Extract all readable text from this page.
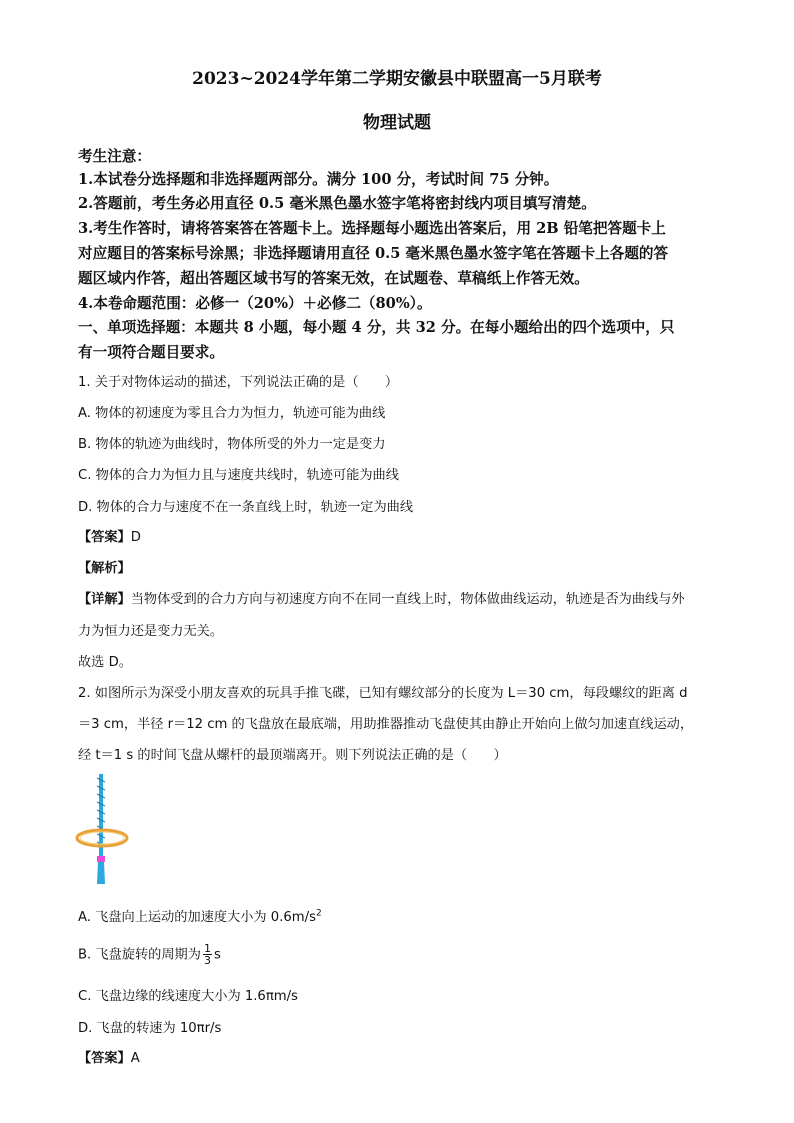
2023~2024学年第二学期安徽县中联盟高一5月联考
物理试题
考生注意：
1.本试卷分选择题和非选择题两部分。满分 100 分，考试时间 75 分钟。
2.答题前，考生务必用直径 0.5 毫米黑色墨水签字笔将密封线内项目填写清楚。
3.考生作答时，请将答案答在答题卡上。选择题每小题选出答案后，用 2B 铅笔把答题卡上
对应题目的答案标号涂黑；非选择题请用直径 0.5 毫米黑色墨水签字笔在答题卡上各题的答
题区域内作答，超出答题区域书写的答案无效，在试题卷、草稿纸上作答无效。
4.本卷命题范围：必修一（20%）＋必修二（80%）。
一、单项选择题：本题共 8 小题，每小题 4 分，共 32 分。在每小题给出的四个选项中，只
有一项符合题目要求。
1. 关于对物体运动的描述，下列说法正确的是（　　）
A. 物体的初速度为零且合力为恒力，轨迹可能为曲线
B. 物体的轨迹为曲线时，物体所受的外力一定是变力
C. 物体的合力为恒力且与速度共线时，轨迹可能为曲线
D. 物体的合力与速度不在一条直线上时，轨迹一定为曲线
【答案】D
【解析】
【详解】当物体受到的合力方向与初速度方向不在同一直线上时，物体做曲线运动，轨迹是否为曲线与外
力为恒力还是变力无关。
故选 D。
2. 如图所示为深受小朋友喜欢的玩具手推飞碟，已知有螺纹部分的长度为 L＝30 cm，每段螺纹的距离 d
＝3 cm，半径 r＝12 cm 的飞盘放在最底端，用助推器推动飞盘使其由静止开始向上做匀加速直线运动，
经 t＝1 s 的时间飞盘从螺杆的最顶端离开。则下列说法正确的是（　　）
A. 飞盘向上运动的加速度大小为 $0.6m/s^2$
B. 飞盘旋转的周期为 $\frac{1}{3}$ s
C. 飞盘边缘的线速度大小为 1.6πm/s
D. 飞盘的转速为 10πr/s
【答案】A
